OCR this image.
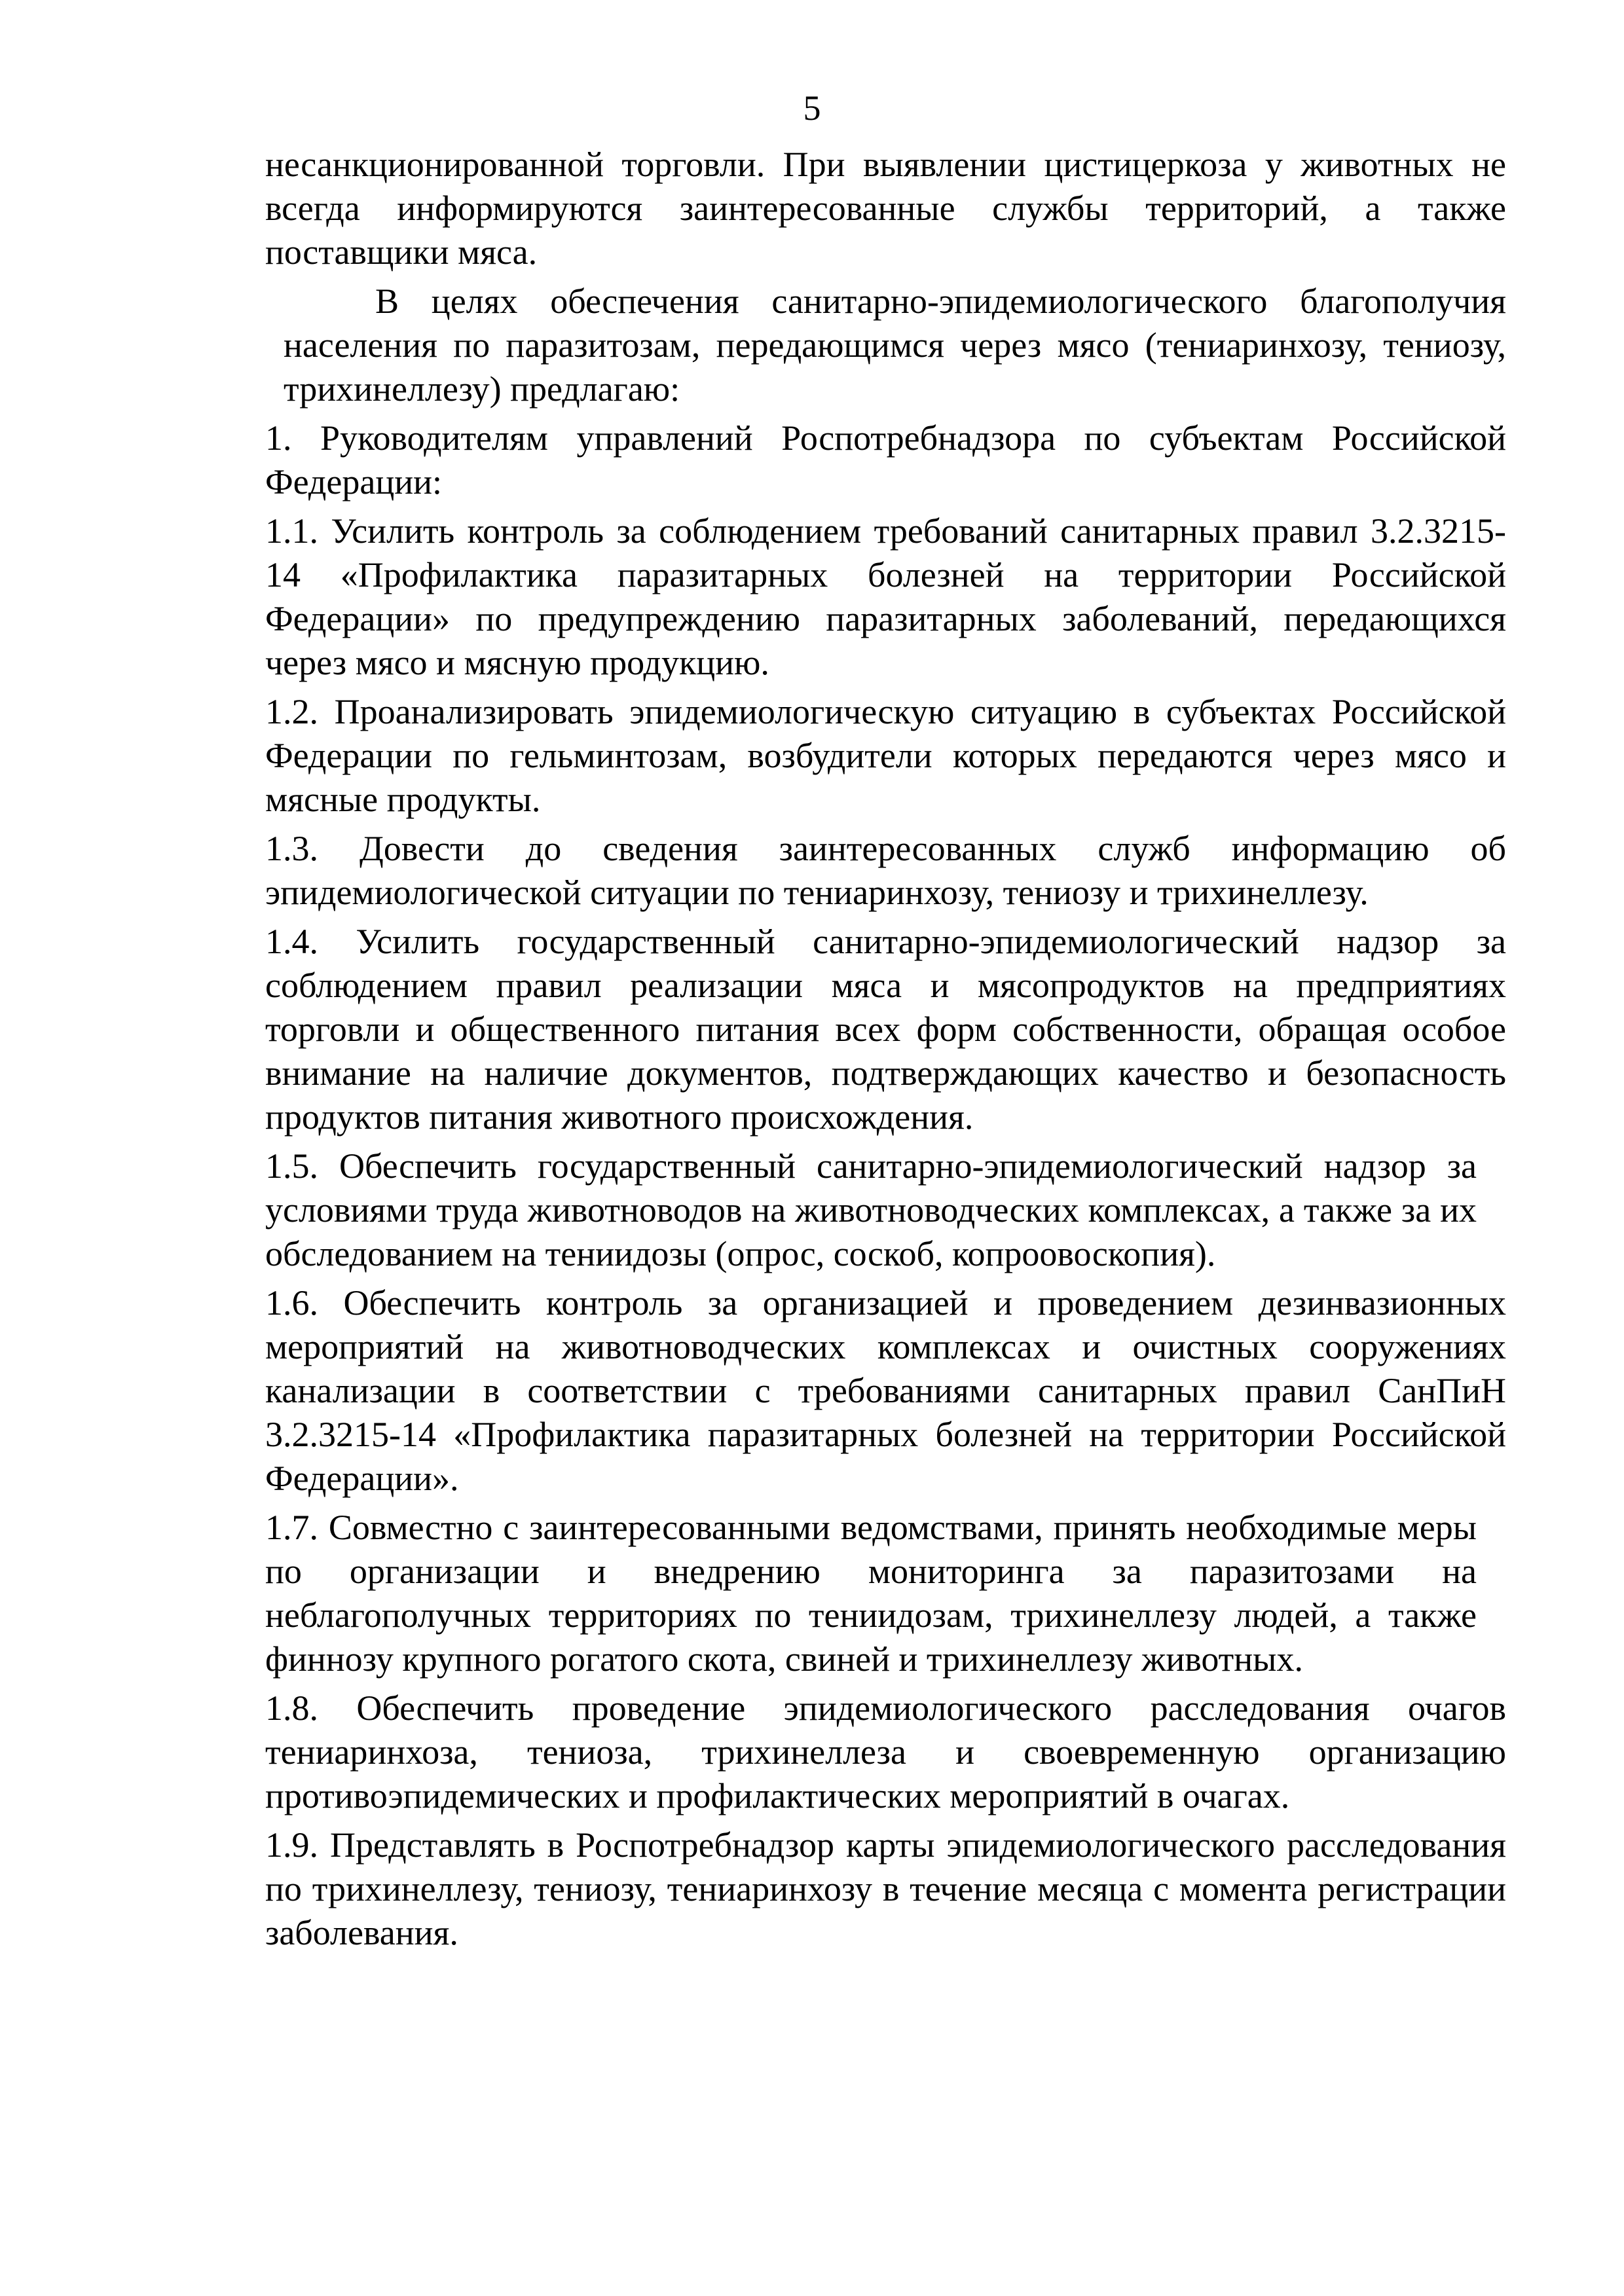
5

несанкционированной торговли. При выявлении цистицеркоза у животных не всегда информируются заинтересованные службы территорий, а также поставщики мяса.

В целях обеспечения санитарно-эпидемиологического благополучия населения по паразитозам, передающимся через мясо (тениаринхозу, тениозу, трихинеллезу) предлагаю:

1. Руководителям управлений Роспотребнадзора по субъектам Российской Федерации:

1.1. Усилить контроль за соблюдением требований санитарных правил 3.2.3215-14 «Профилактика паразитарных болезней на территории Российской Федерации» по предупреждению паразитарных заболеваний, передающихся через мясо и мясную продукцию.

1.2. Проанализировать эпидемиологическую ситуацию в субъектах Российской Федерации по гельминтозам, возбудители которых передаются через мясо и мясные продукты.

1.3. Довести до сведения заинтересованных служб информацию об эпидемиологической ситуации по тениаринхозу, тениозу и трихинеллезу.

1.4. Усилить государственный санитарно-эпидемиологический надзор за соблюдением правил реализации мяса и мясопродуктов на предприятиях торговли и общественного питания всех форм собственности, обращая особое внимание на наличие документов, подтверждающих качество и безопасность продуктов питания животного происхождения.

1.5. Обеспечить государственный санитарно-эпидемиологический надзор за условиями труда животноводов на животноводческих комплексах, а также за их обследованием на тениидозы (опрос, соскоб, копроовоскопия).

1.6. Обеспечить контроль за организацией и проведением дезинвазионных мероприятий на животноводческих комплексах и очистных сооружениях канализации в соответствии с требованиями санитарных правил СанПиН 3.2.3215-14 «Профилактика паразитарных болезней на территории Российской Федерации».

1.7. Совместно с заинтересованными ведомствами, принять необходимые меры по организации и внедрению мониторинга за паразитозами на неблагополучных территориях по тениидозам, трихинеллезу людей, а также финнозу крупного рогатого скота, свиней и трихинеллезу животных.

1.8. Обеспечить проведение эпидемиологического расследования очагов тениаринхоза, тениоза, трихинеллеза и своевременную организацию противоэпидемических и профилактических мероприятий в очагах.

1.9. Представлять в Роспотребнадзор карты эпидемиологического расследования по трихинеллезу, тениозу, тениаринхозу в течение месяца с момента регистрации заболевания.
